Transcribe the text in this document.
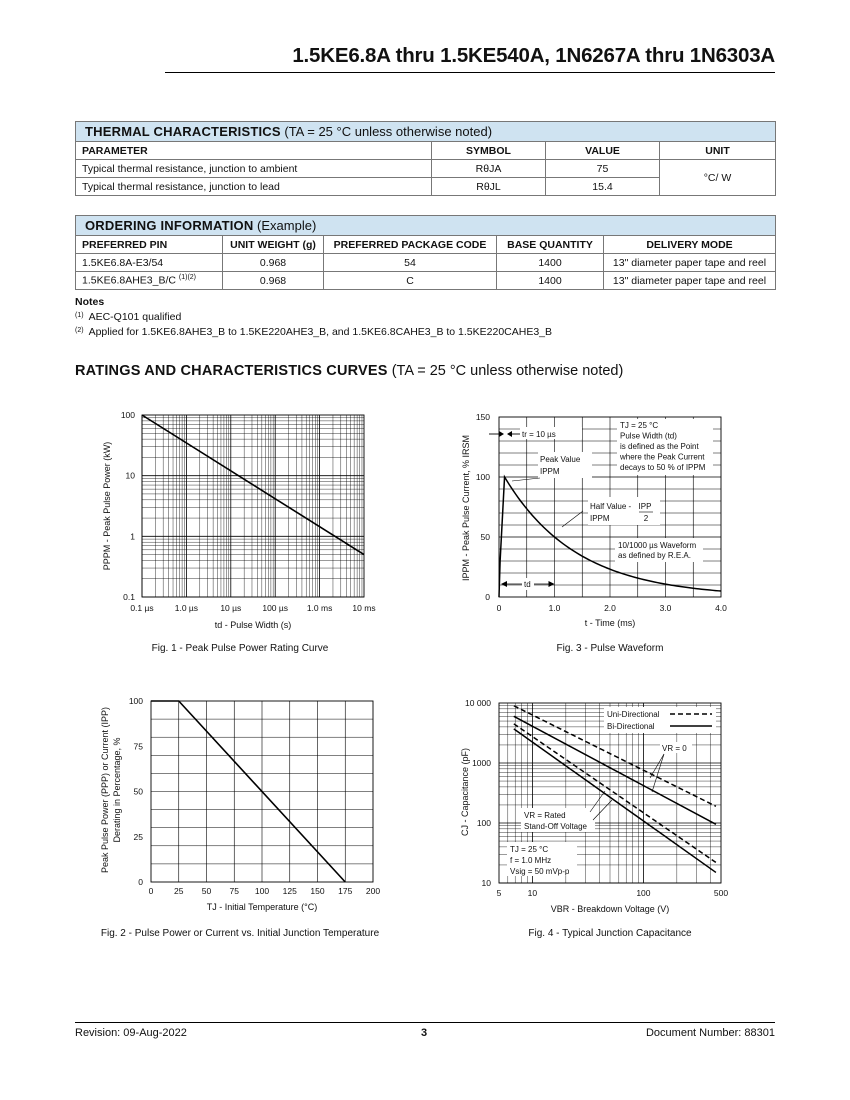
1.5KE6.8A thru 1.5KE540A, 1N6267A thru 1N6303A
THERMAL CHARACTERISTICS (TA = 25 °C unless otherwise noted)			
PARAMETER	SYMBOL	VALUE	UNIT
Typical thermal resistance, junction to ambient	RθJA	75	°C/ W
Typical thermal resistance, junction to lead	RθJL	15.4	
ORDERING INFORMATION (Example)				
PREFERRED PIN	UNIT WEIGHT (g)	PREFERRED PACKAGE CODE	BASE QUANTITY	DELIVERY MODE
1.5KE6.8A-E3/54	0.968	54	1400	13" diameter paper tape and reel
1.5KE6.8AHE3_B/C $^{(1)(2)}$	0.968	C	1400	13" diameter paper tape and reel
Notes
$^{(1)}$ AEC-Q101 qualified
$^{(2)}$ Applied for 1.5KE6.8AHE3_B to 1.5KE220AHE3_B, and 1.5KE6.8CAHE3_B to 1.5KE220CAHE3_B
RATINGS AND CHARACTERISTICS CURVES (TA = 25 °C unless otherwise noted)
0.1 µs 1.0 µs	10 µs 100 µs 1.0 ms 10 ms
0.1
1
10
100
td - Pulse Width (s)
PPPM - Peak Pulse Power (kW)
Fig. 1 - Peak Pulse Power Rating Curve
0	1.0	2.0	3.0	4.0
0
50
100
150
t - Time (ms)
IPPM - Peak Pulse Current, % IRSM
Fig. 3 - Pulse Waveform
tr = 10 µs
Peak Value
IPPM
Half Value -
IPPM
IPP
2
TJ = 25 °C
Pulse Width (td)
is defined as the Point
where the Peak Current
decays to 50 % of IPPM
10/1000 µs Waveform
as defined by R.E.A.
td
0 25 50 75 100 125 150 175 200
0
25
50
75
100
TJ - Initial Temperature (°C)
Peak Pulse Power (PPP) or Current (IPP) Derating in Percentage, %
Fig. 2 - Pulse Power or Current vs. Initial Junction Temperature
5	10	100	500
10
100
1000
10 000
VBR - Breakdown Voltage (V)
CJ - Capacitance (pF)
Fig. 4 - Typical Junction Capacitance
Uni-Directional
Bi-Directional
VR = 0
VR = Rated
Stand-Off Voltage
TJ = 25 °C
f = 1.0 MHz
Vsig = 50 mVp-p
Revision: 09-Aug-2022	3	Document Number: 88301
